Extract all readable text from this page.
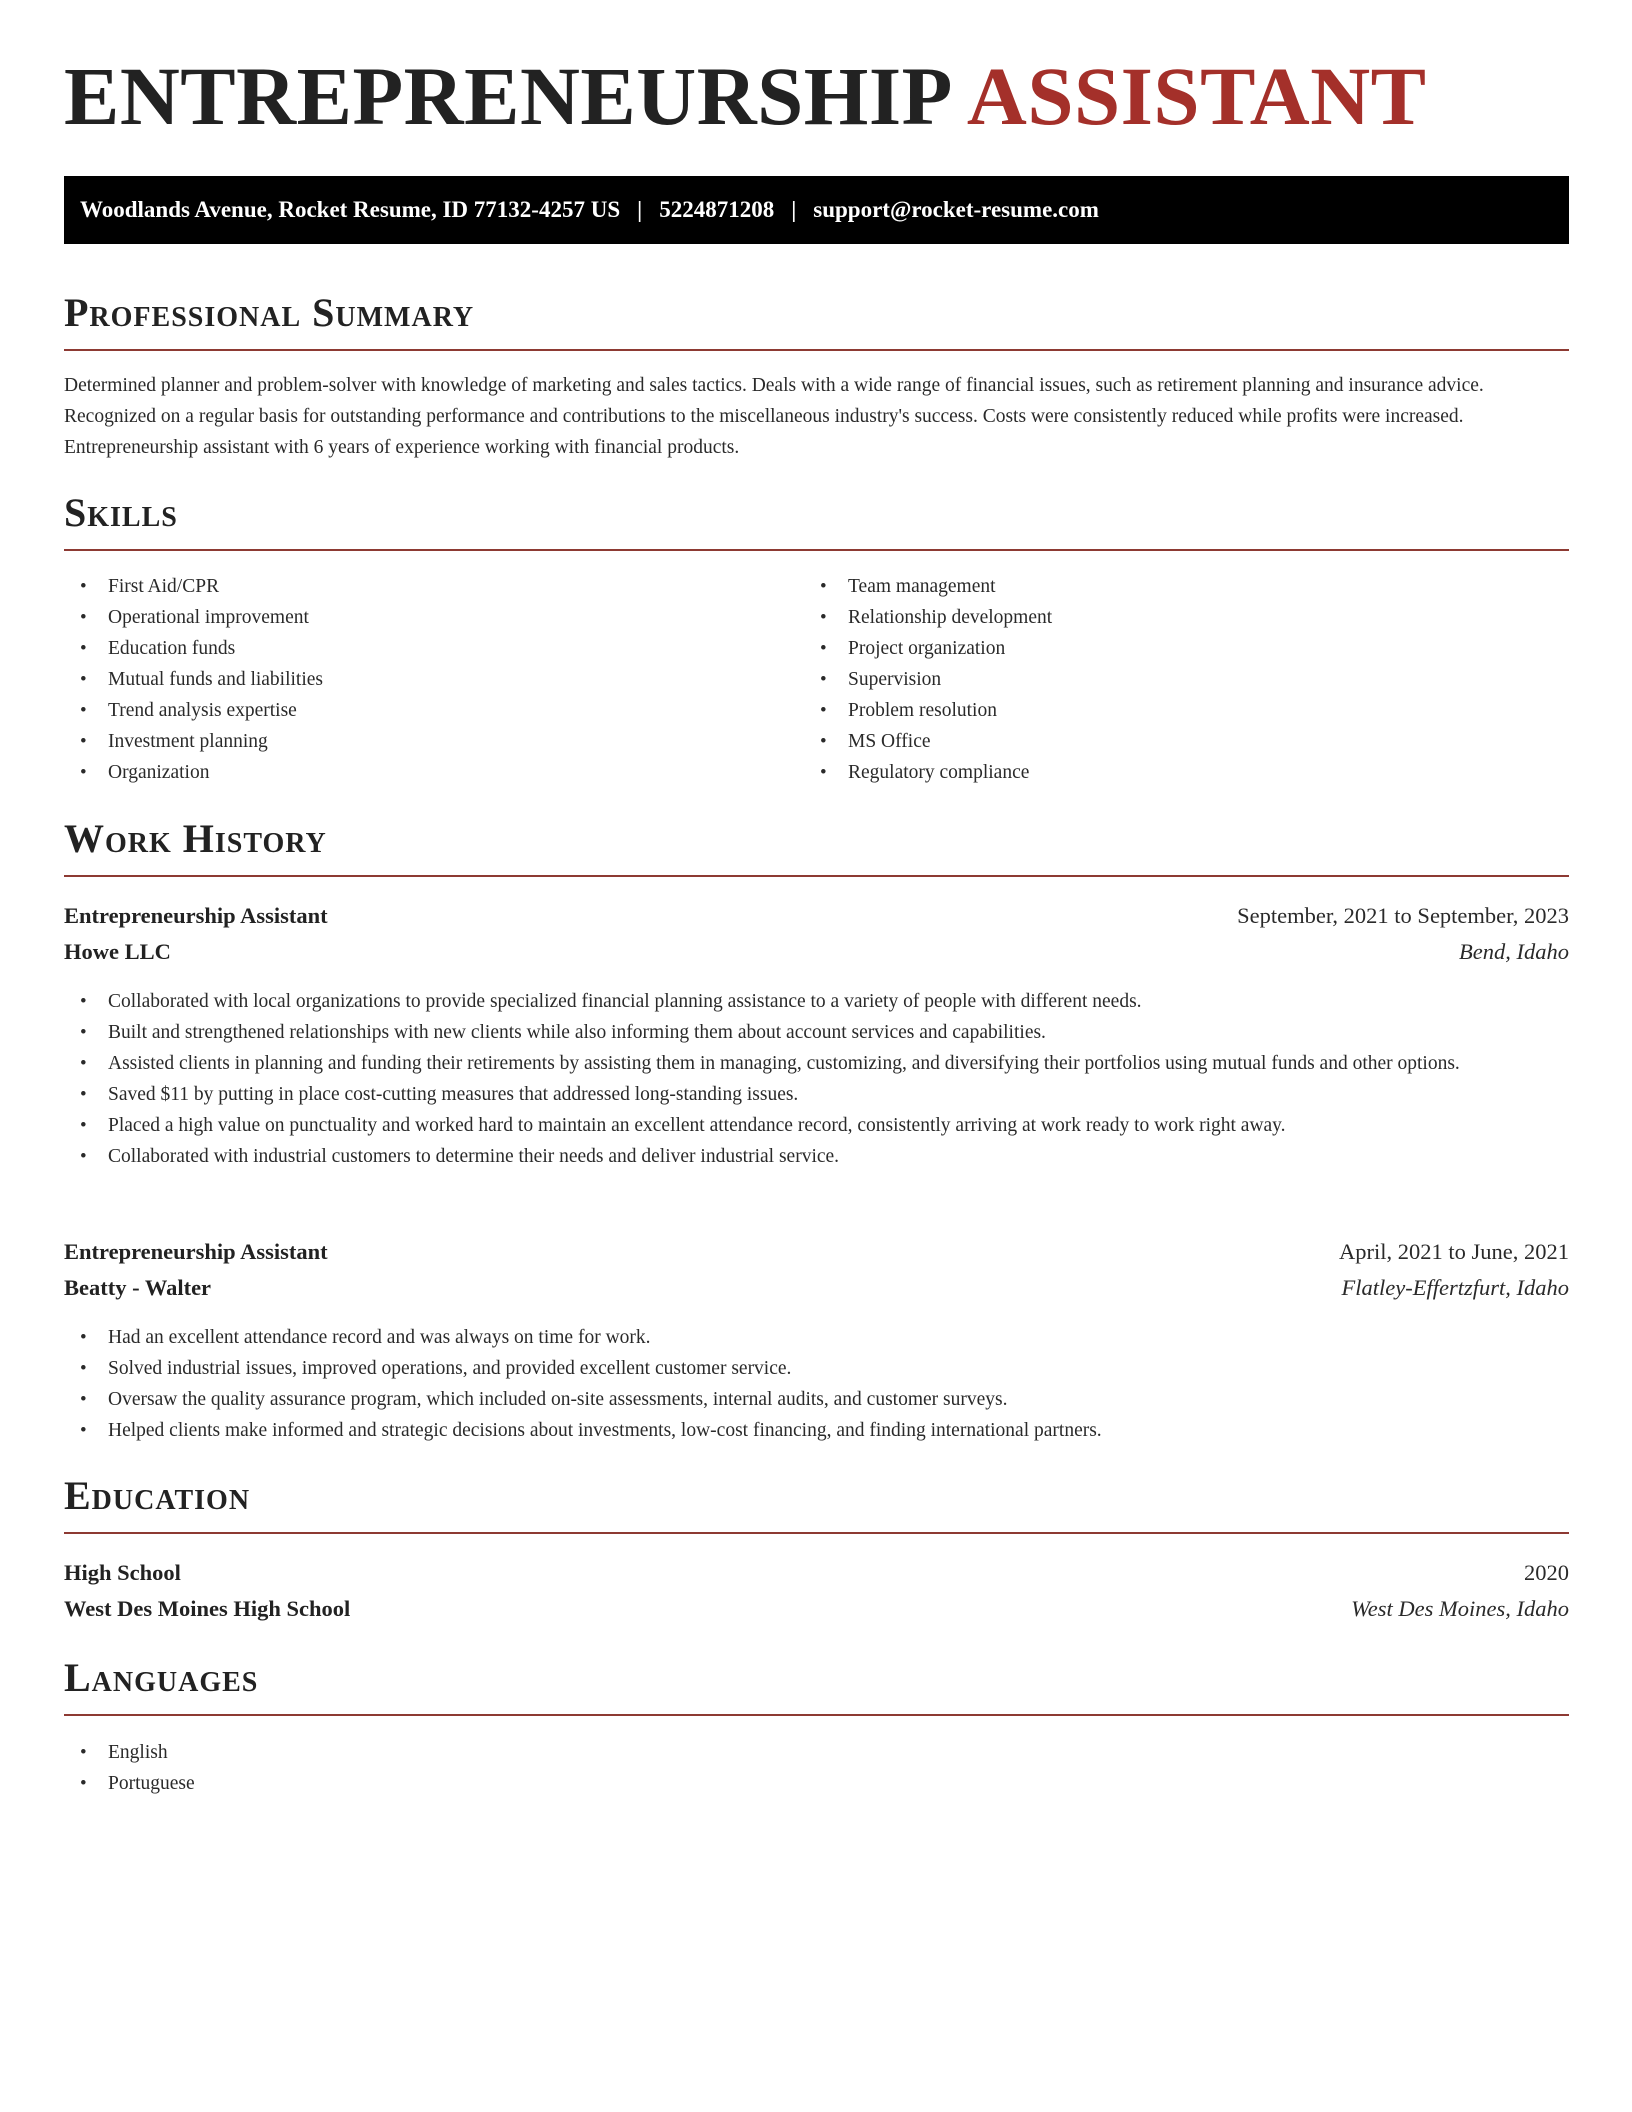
ENTREPRENEURSHIP ASSISTANT
Woodlands Avenue, Rocket Resume, ID 77132-4257 US | 5224871208 | support@rocket-resume.com
Professional Summary

Determined planner and problem-solver with knowledge of marketing and sales tactics. Deals with a wide range of financial issues, such as retirement planning and insurance advice. Recognized on a regular basis for outstanding performance and contributions to the miscellaneous industry's success. Costs were consistently reduced while profits were increased. Entrepreneurship assistant with 6 years of experience working with financial products.

Skills
• First Aid/CPR
• Operational improvement
• Education funds
• Mutual funds and liabilities
• Trend analysis expertise
• Investment planning
• Organization
• Team management
• Relationship development
• Project organization
• Supervision
• Problem resolution
• MS Office
• Regulatory compliance
Work History
Entrepreneurship Assistant	September, 2021 to September, 2023
Howe LLC	Bend, Idaho
• Collaborated with local organizations to provide specialized financial planning assistance to a variety of people with different needs.
• Built and strengthened relationships with new clients while also informing them about account services and capabilities.
• Assisted clients in planning and funding their retirements by assisting them in managing, customizing, and diversifying their portfolios using mutual funds and other options.
• Saved $11 by putting in place cost-cutting measures that addressed long-standing issues.
• Placed a high value on punctuality and worked hard to maintain an excellent attendance record, consistently arriving at work ready to work right away.
• Collaborated with industrial customers to determine their needs and deliver industrial service.
Entrepreneurship Assistant	April, 2021 to June, 2021
Beatty - Walter	Flatley-Effertzfurt, Idaho
• Had an excellent attendance record and was always on time for work.
• Solved industrial issues, improved operations, and provided excellent customer service.
• Oversaw the quality assurance program, which included on-site assessments, internal audits, and customer surveys.
• Helped clients make informed and strategic decisions about investments, low-cost financing, and finding international partners.
Education
High School	2020
West Des Moines High School	West Des Moines, Idaho
Languages
• English
• Portuguese
